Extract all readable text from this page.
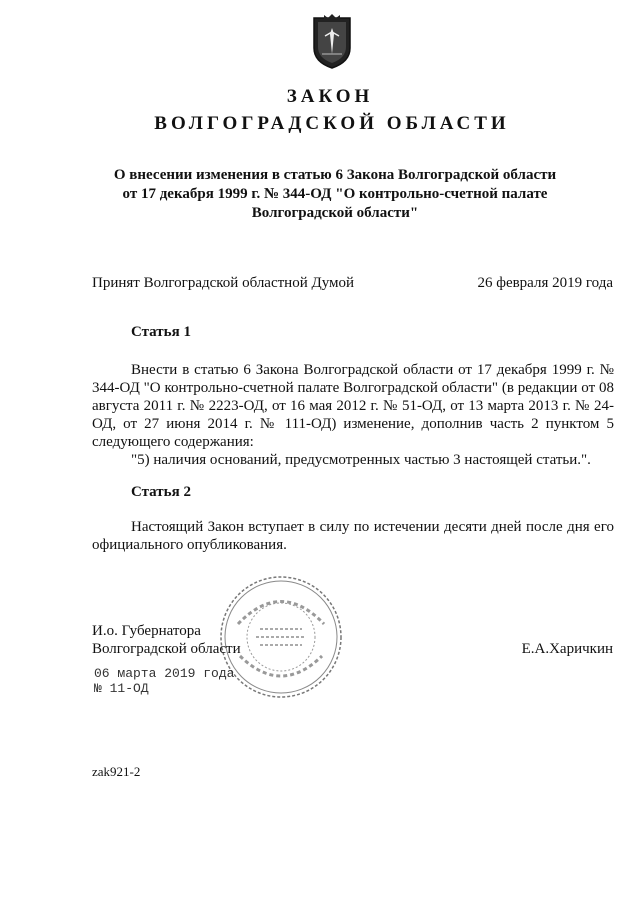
ЗАКОН
ВОЛГОГРАДСКОЙ ОБЛАСТИ
О внесении изменения в статью 6 Закона Волгоградской области
от 17 декабря 1999 г. № 344-ОД "О контрольно-счетной палате
Волгоградской области"
Принят Волгоградской областной Думой	26 февраля 2019 года
Статья 1

Внести в статью 6 Закона Волгоградской области от 17 декабря 1999 г. № 344-ОД "О контрольно-счетной палате Волгоградской области" (в редакции от 08 августа 2011 г. № 2223-ОД, от 16 мая 2012 г. № 51-ОД, от 13 марта 2013 г. № 24-ОД, от 27 июня 2014 г. № 111-ОД) изменение, дополнив часть 2 пунктом 5 следующего содержания:

"5) наличия оснований, предусмотренных частью 3 настоящей статьи.".

Статья 2

Настоящий Закон вступает в силу по истечении десяти дней после дня его официального опубликования.

И.о. Губернатора
Волгоградской области	Е.А.Харичкин
06 марта 2019 года
№ 11-ОД
zak921-2
